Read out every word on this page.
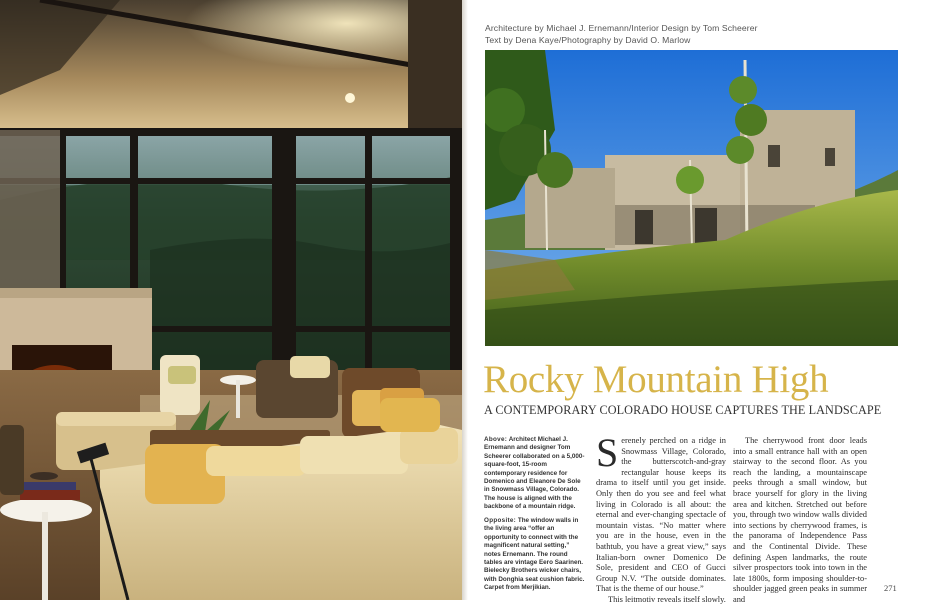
Architecture by Michael J. Ernemann/Interior Design by Tom Scheerer
Text by Dena Kaye/Photography by David O. Marlow
Rocky Mountain High
A CONTEMPORARY COLORADO HOUSE CAPTURES THE LANDSCAPE
Above: Architect Michael J. Ernemann and designer Tom Scheerer collaborated on a 5,000-square-foot, 15-room contemporary residence for Domenico and Eleanore De Sole in Snowmass Village, Colorado. The house is aligned with the backbone of a mountain ridge.
Opposite: The window walls in the living area “offer an opportunity to connect with the magnificent natural setting,” notes Ernemann. The round tables are vintage Eero Saarinen. Bielecky Brothers wicker chairs, with Donghia seat cushion fabric. Carpet from Merjikian.

Serenely perched on a ridge in Snowmass Village, Colorado, the butterscotch-and-gray rectangular house keeps its drama to itself until you get inside. Only then do you see and feel what living in Colorado is all about: the eternal and ever-changing spectacle of mountain vistas. “No matter where you are in the house, even in the bathtub, you have a great view,” says Italian-born owner Domenico De Sole, president and CEO of Gucci Group N.V. “The outside dominates. That is the theme of our house.”

This leitmotiv reveals itself slowly.

The cherrywood front door leads into a small entrance hall with an open stairway to the second floor. As you reach the landing, a mountainscape peeks through a small window, but brace yourself for glory in the living area and kitchen. Stretched out before you, through two window walls divided into sections by cherrywood frames, is the panorama of Independence Pass and the Continental Divide. These defining Aspen landmarks, the route silver prospectors took into town in the late 1800s, form imposing shoulder-to-shoulder jagged green peaks in summer and

271
